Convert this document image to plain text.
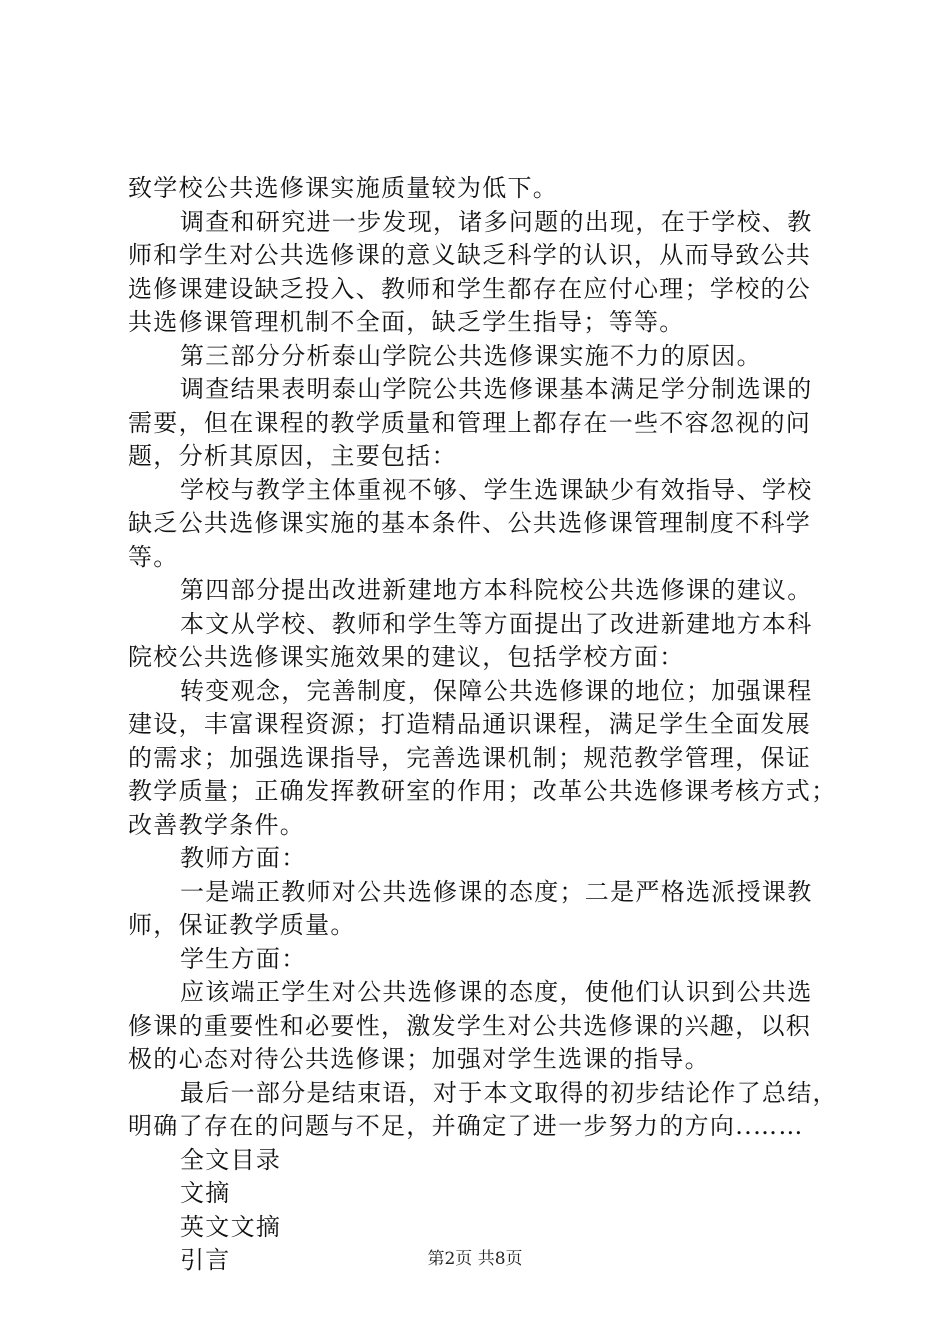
致学校公共选修课实施质量较为低下。
调查和研究进一步发现，诸多问题的出现，在于学校、教
师和学生对公共选修课的意义缺乏科学的认识，从而导致公共
选修课建设缺乏投入、教师和学生都存在应付心理；学校的公
共选修课管理机制不全面，缺乏学生指导；等等。
第三部分分析泰山学院公共选修课实施不力的原因。
调查结果表明泰山学院公共选修课基本满足学分制选课的
需要，但在课程的教学质量和管理上都存在一些不容忽视的问
题，分析其原因，主要包括：
学校与教学主体重视不够、学生选课缺少有效指导、学校
缺乏公共选修课实施的基本条件、公共选修课管理制度不科学
等。
第四部分提出改进新建地方本科院校公共选修课的建议。
本文从学校、教师和学生等方面提出了改进新建地方本科
院校公共选修课实施效果的建议，包括学校方面：
转变观念，完善制度，保障公共选修课的地位；加强课程
建设，丰富课程资源；打造精品通识课程，满足学生全面发展
的需求；加强选课指导，完善选课机制；规范教学管理，保证
教学质量；正确发挥教研室的作用；改革公共选修课考核方式；
改善教学条件。
教师方面：
一是端正教师对公共选修课的态度；二是严格选派授课教
师，保证教学质量。
学生方面：
应该端正学生对公共选修课的态度，使他们认识到公共选
修课的重要性和必要性，激发学生对公共选修课的兴趣，以积
极的心态对待公共选修课；加强对学生选课的指导。
最后一部分是结束语，对于本文取得的初步结论作了总结，
明确了存在的问题与不足，并确定了进一步努力的方向..……
全文目录
文摘
英文文摘
引言	第2页 共8页
